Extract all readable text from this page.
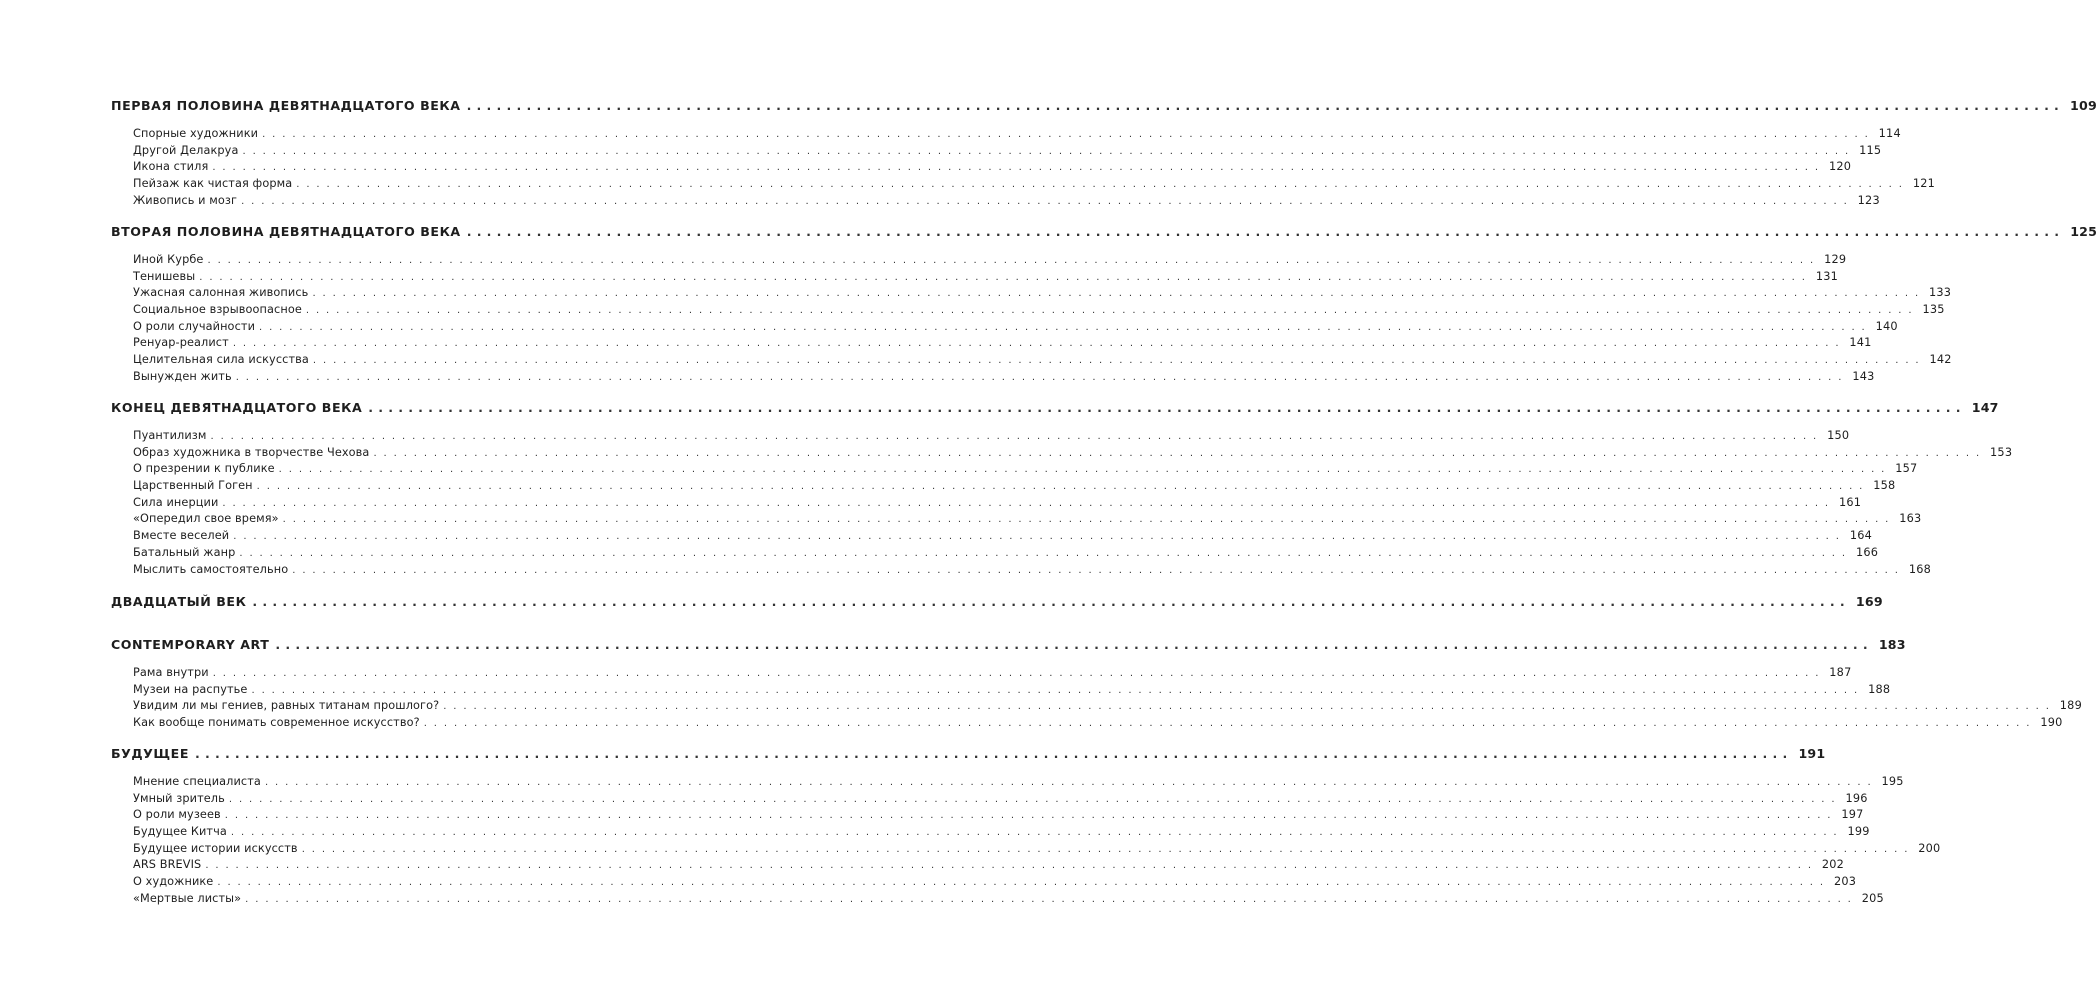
ПЕРВАЯ ПОЛОВИНА ДЕВЯТНАДЦАТОГО ВЕКА ................................................................................................................................................................ 109
Спорные художники ................................................................................................................................................................ 114
Другой Делакруа ................................................................................................................................................................ 115
Икона стиля ................................................................................................................................................................ 120
Пейзаж как чистая форма ................................................................................................................................................................ 121
Живопись и мозг ................................................................................................................................................................ 123
ВТОРАЯ ПОЛОВИНА ДЕВЯТНАДЦАТОГО ВЕКА ................................................................................................................................................................ 125
Иной Курбе ................................................................................................................................................................ 129
Тенишевы ................................................................................................................................................................ 131
Ужасная салонная живопись ................................................................................................................................................................ 133
Социальное взрывоопасное ................................................................................................................................................................ 135
О роли случайности ................................................................................................................................................................ 140
Ренуар-реалист ................................................................................................................................................................ 141
Целительная сила искусства ................................................................................................................................................................ 142
Вынужден жить ................................................................................................................................................................ 143
КОНЕЦ ДЕВЯТНАДЦАТОГО ВЕКА ................................................................................................................................................................ 147
Пуантилизм ................................................................................................................................................................ 150
Образ художника в творчестве Чехова ................................................................................................................................................................ 153
О презрении к публике ................................................................................................................................................................ 157
Царственный Гоген ................................................................................................................................................................ 158
Сила инерции ................................................................................................................................................................ 161
«Опередил свое время» ................................................................................................................................................................ 163
Вместе веселей ................................................................................................................................................................ 164
Батальный жанр ................................................................................................................................................................ 166
Мыслить самостоятельно ................................................................................................................................................................ 168
ДВАДЦАТЫЙ ВЕК ................................................................................................................................................................ 169
CONTEMPORARY ART ................................................................................................................................................................ 183
Рама внутри ................................................................................................................................................................ 187
Музеи на распутье ................................................................................................................................................................ 188
Увидим ли мы гениев, равных титанам прошлого? ................................................................................................................................................................ 189
Как вообще понимать современное искусство? ................................................................................................................................................................ 190
БУДУЩЕЕ ................................................................................................................................................................ 191
Мнение специалиста ................................................................................................................................................................ 195
Умный зритель ................................................................................................................................................................ 196
О роли музеев ................................................................................................................................................................ 197
Будущее Китча ................................................................................................................................................................ 199
Будущее истории искусств ................................................................................................................................................................ 200
ARS BREVIS ................................................................................................................................................................ 202
О художнике ................................................................................................................................................................ 203
«Мертвые листы» ................................................................................................................................................................ 205
